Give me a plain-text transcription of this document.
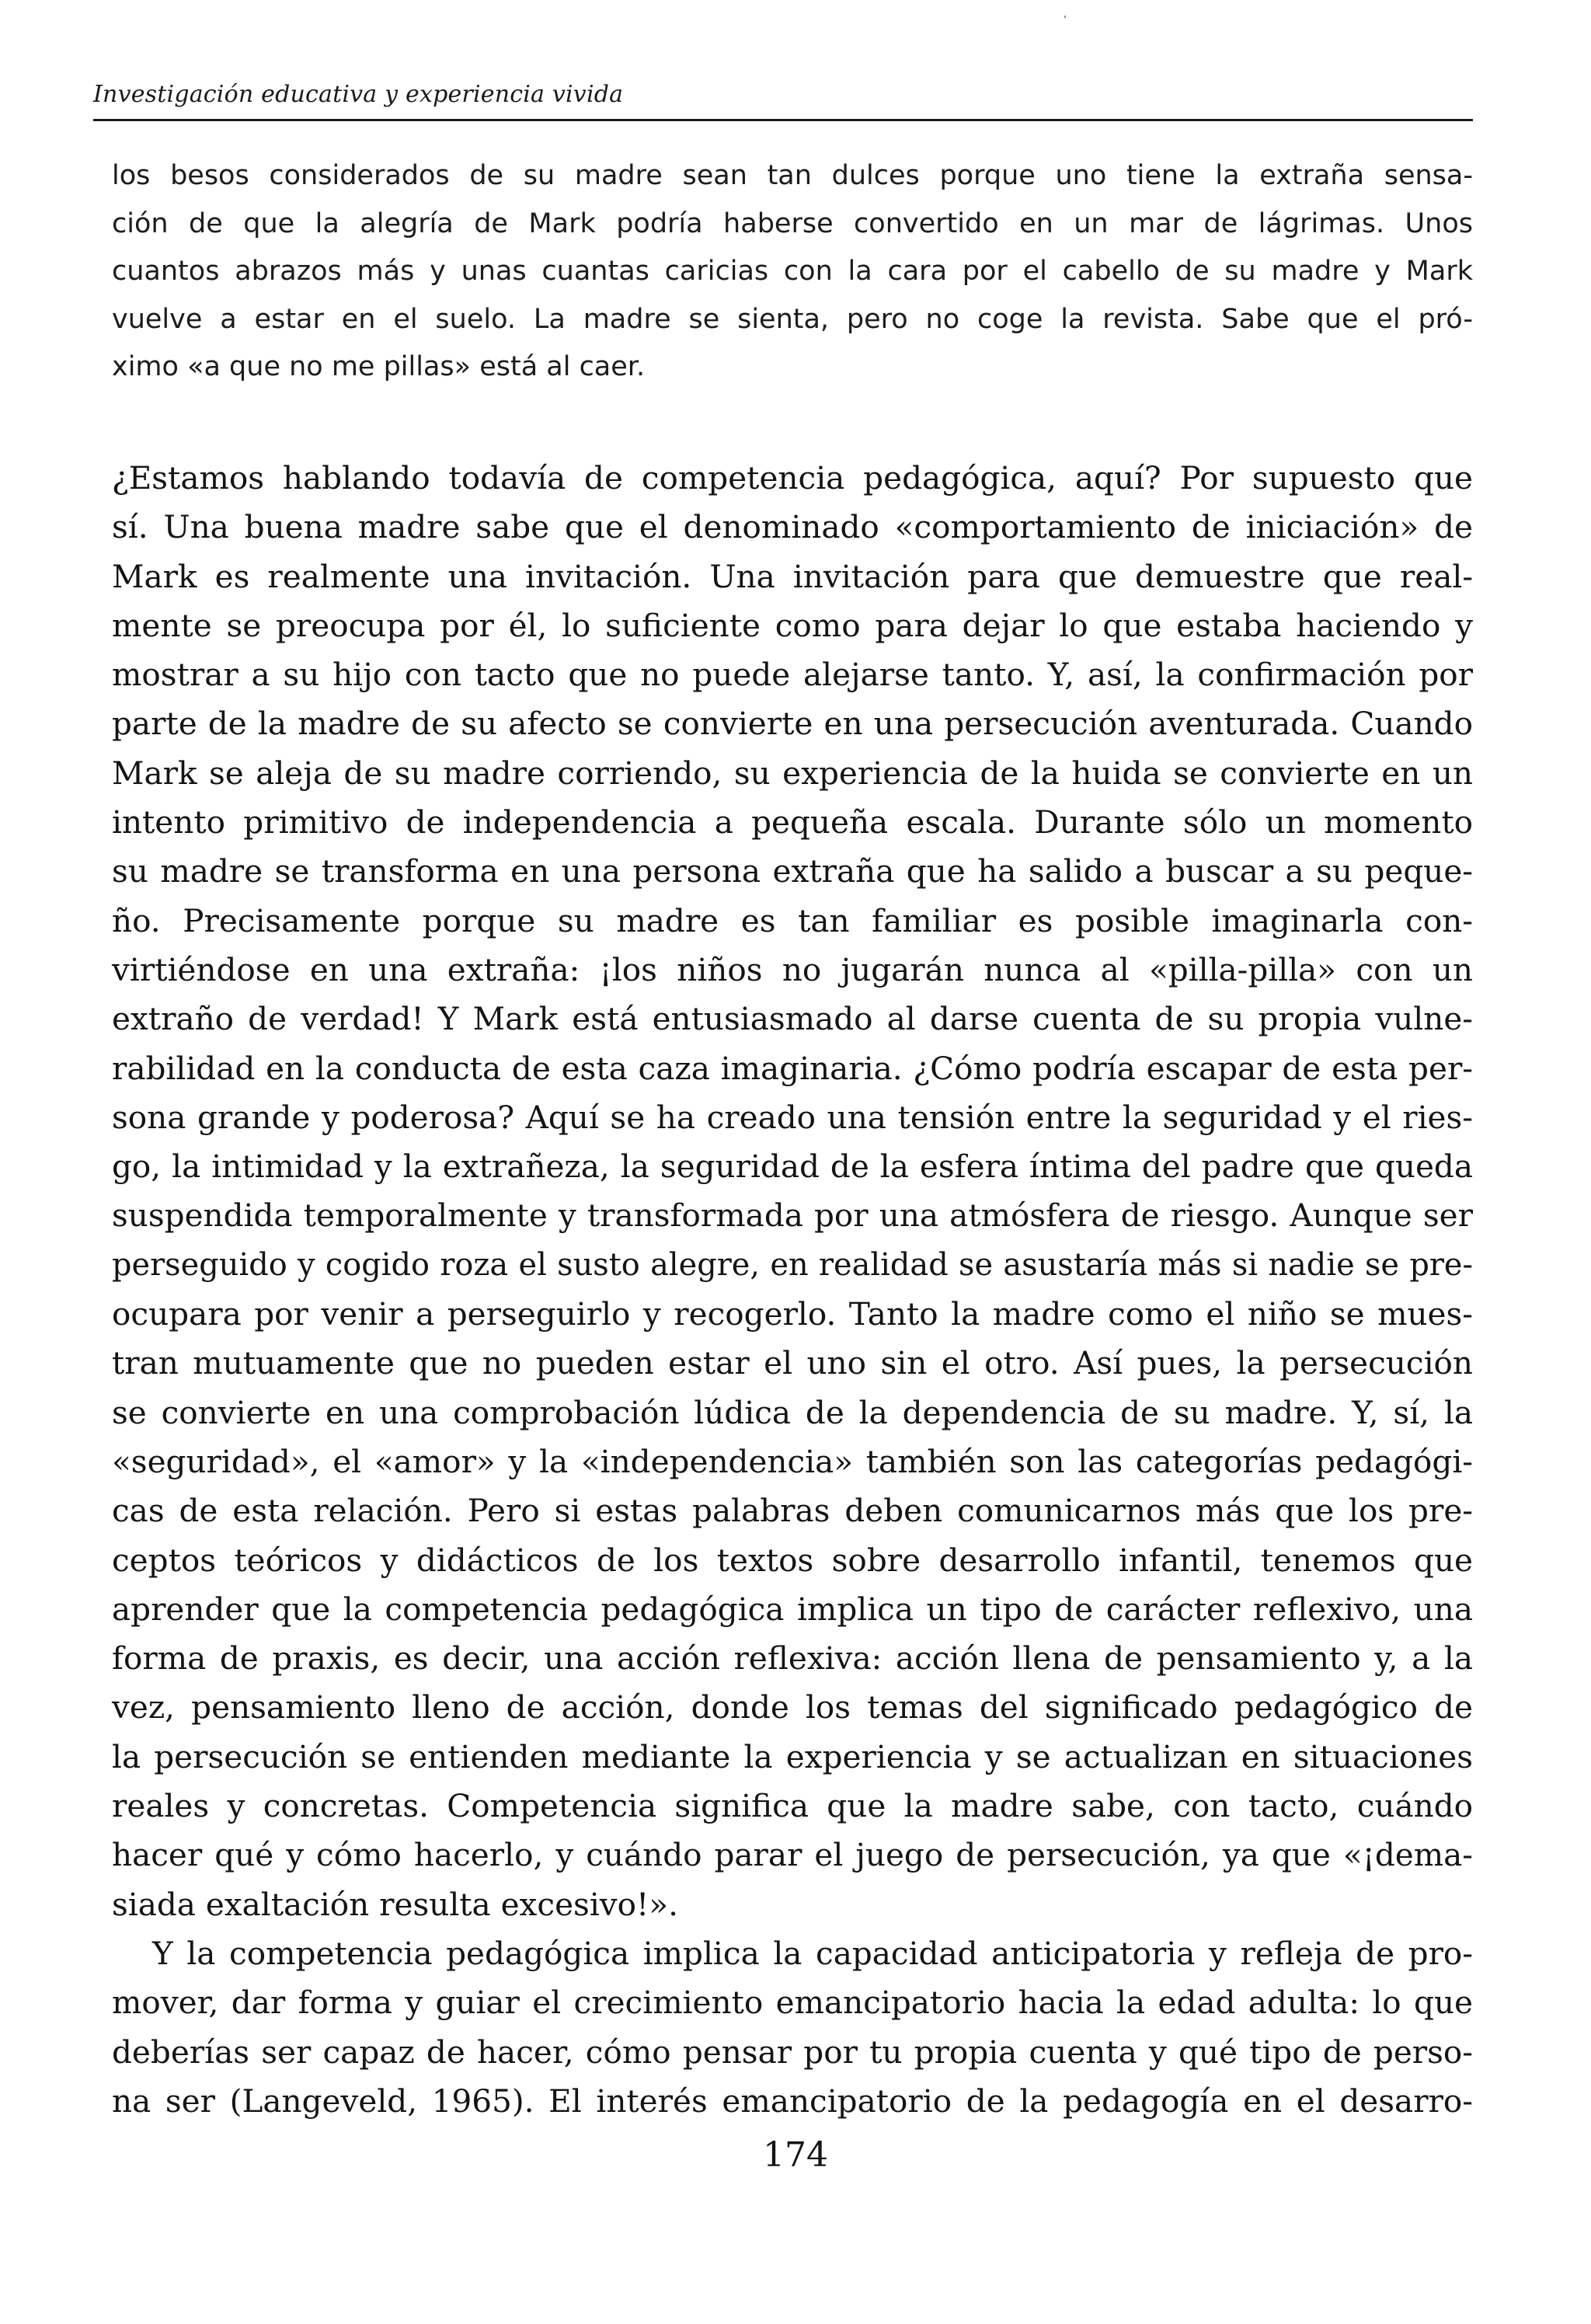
Investigación educativa y experiencia vivida
los besos considerados de su madre sean tan dulces porque uno tiene la extraña sensa-
ción de que la alegría de Mark podría haberse convertido en un mar de lágrimas. Unos
cuantos abrazos más y unas cuantas caricias con la cara por el cabello de su madre y Mark
vuelve a estar en el suelo. La madre se sienta, pero no coge la revista. Sabe que el pró-
ximo «a que no me pillas» está al caer.
¿Estamos hablando todavía de competencia pedagógica, aquí? Por supuesto que
sí. Una buena madre sabe que el denominado «comportamiento de iniciación» de
Mark es realmente una invitación. Una invitación para que demuestre que real-
mente se preocupa por él, lo suficiente como para dejar lo que estaba haciendo y
mostrar a su hijo con tacto que no puede alejarse tanto. Y, así, la confirmación por
parte de la madre de su afecto se convierte en una persecución aventurada. Cuando
Mark se aleja de su madre corriendo, su experiencia de la huida se convierte en un
intento primitivo de independencia a pequeña escala. Durante sólo un momento
su madre se transforma en una persona extraña que ha salido a buscar a su peque-
ño. Precisamente porque su madre es tan familiar es posible imaginarla con-
virtiéndose en una extraña: ¡los niños no jugarán nunca al «pilla-pilla» con un
extraño de verdad! Y Mark está entusiasmado al darse cuenta de su propia vulne-
rabilidad en la conducta de esta caza imaginaria. ¿Cómo podría escapar de esta per-
sona grande y poderosa? Aquí se ha creado una tensión entre la seguridad y el ries-
go, la intimidad y la extrañeza, la seguridad de la esfera íntima del padre que queda
suspendida temporalmente y transformada por una atmósfera de riesgo. Aunque ser
perseguido y cogido roza el susto alegre, en realidad se asustaría más si nadie se pre-
ocupara por venir a perseguirlo y recogerlo. Tanto la madre como el niño se mues-
tran mutuamente que no pueden estar el uno sin el otro. Así pues, la persecución
se convierte en una comprobación lúdica de la dependencia de su madre. Y, sí, la
«seguridad», el «amor» y la «independencia» también son las categorías pedagógi-
cas de esta relación. Pero si estas palabras deben comunicarnos más que los pre-
ceptos teóricos y didácticos de los textos sobre desarrollo infantil, tenemos que
aprender que la competencia pedagógica implica un tipo de carácter reflexivo, una
forma de praxis, es decir, una acción reflexiva: acción llena de pensamiento y, a la
vez, pensamiento lleno de acción, donde los temas del significado pedagógico de
la persecución se entienden mediante la experiencia y se actualizan en situaciones
reales y concretas. Competencia significa que la madre sabe, con tacto, cuándo
hacer qué y cómo hacerlo, y cuándo parar el juego de persecución, ya que «¡dema-
siada exaltación resulta excesivo!».
Y la competencia pedagógica implica la capacidad anticipatoria y refleja de pro-
mover, dar forma y guiar el crecimiento emancipatorio hacia la edad adulta: lo que
deberías ser capaz de hacer, cómo pensar por tu propia cuenta y qué tipo de perso-
na ser (Langeveld, 1965). El interés emancipatorio de la pedagogía en el desarro-
174
